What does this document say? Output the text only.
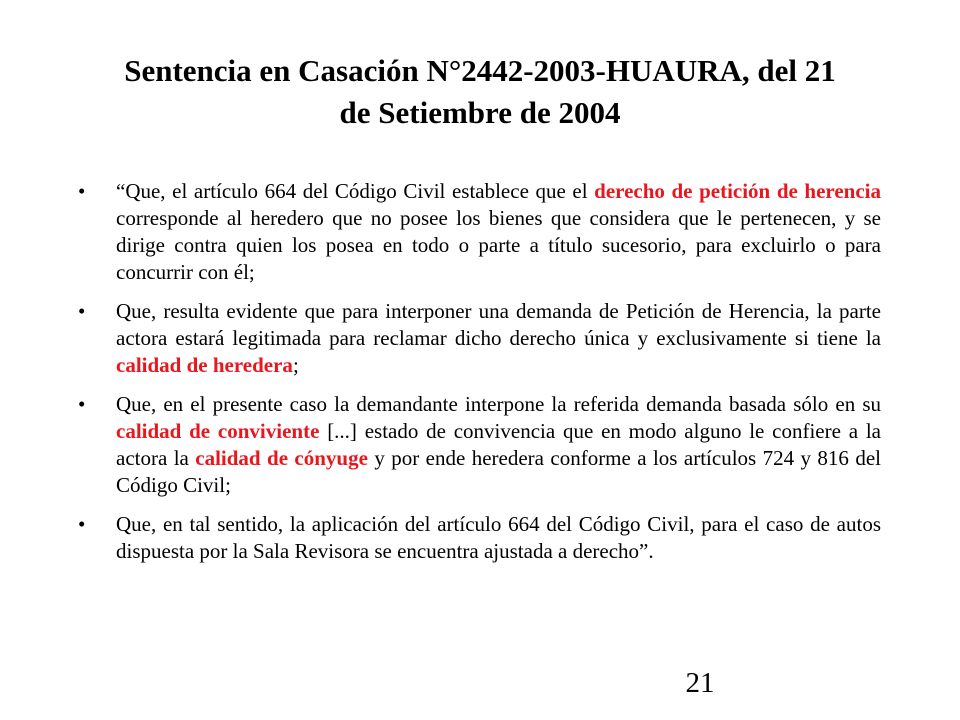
Sentencia en Casación N°2442-2003-HUAURA, del 21
de Setiembre de 2004
•	“Que, el artículo 664 del Código Civil establece que el derecho de petición de herencia corresponde al heredero que no posee los bienes que considera que le pertenecen, y se dirige contra quien los posea en todo o parte a título sucesorio, para excluirlo o para concurrir con él;
•	Que, resulta evidente que para interponer una demanda de Petición de Herencia, la parte actora estará legitimada para reclamar dicho derecho única y exclusivamente si tiene la calidad de heredera;
•	Que, en el presente caso la demandante interpone la referida demanda basada sólo en su calidad de conviviente [...] estado de convivencia que en modo alguno le confiere a la actora la calidad de cónyuge y por ende heredera conforme a los artículos 724 y 816 del Código Civil;
•	Que, en tal sentido, la aplicación del artículo 664 del Código Civil, para el caso de autos dispuesta por la Sala Revisora se encuentra ajustada a derecho”.
21
